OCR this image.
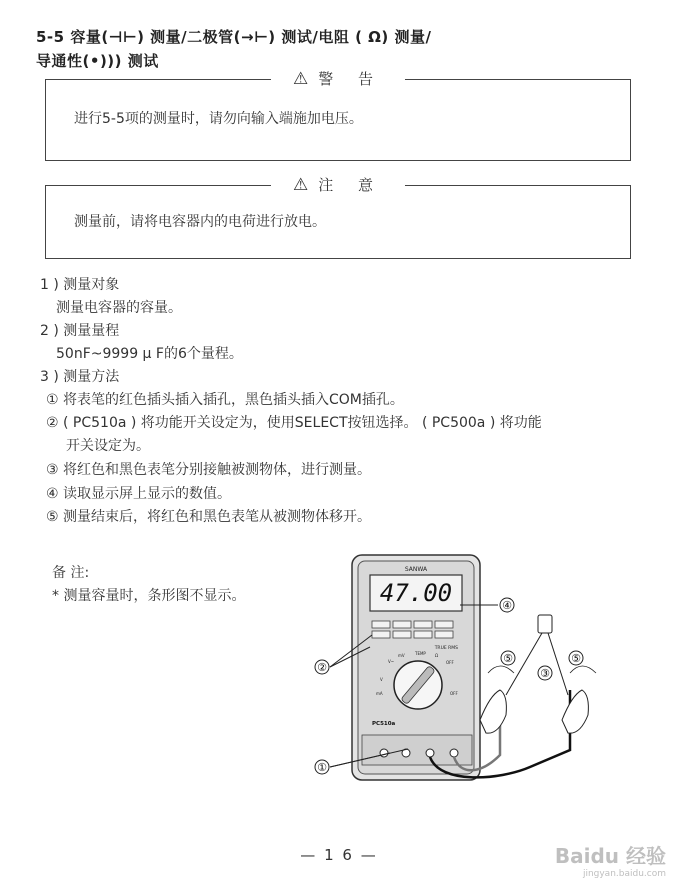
5-5 容量(⊣⊢) 测量/二极管(→⊢) 测试/电阻 ( Ω) 测量/
导通性(•))) 测试
⚠ 警 告
进行5-5项的测量时，请勿向输入端施加电压。
⚠ 注 意
测量前，请将电容器内的电荷进行放电。
1 ) 测量对象
测量电容器的容量。
2 ) 测量量程
50nF~9999 μ F的6个量程。
3 ) 测量方法
① 将表笔的红色插头插入插孔，黑色插头插入COM插孔。
② ( PC510a ) 将功能开关设定为，使用SELECT按钮选择。 ( PC500a ) 将功能
开关设定为。
③ 将红色和黑色表笔分别接触被测物体，进行测量。
④ 读取显示屏上显示的数值。
⑤ 测量结束后，将红色和黑色表笔从被测物体移开。
备 注:
* 测量容量时，条形图不显示。
SANWA
47.00
TRUE RMS
V~
mV	TEMP Ω
OFF
V
mA	OFF
PC510a
④
②
①
③
⑤	⑤
— 1 6 —	Baidu 经验
jingyan.baidu.com
